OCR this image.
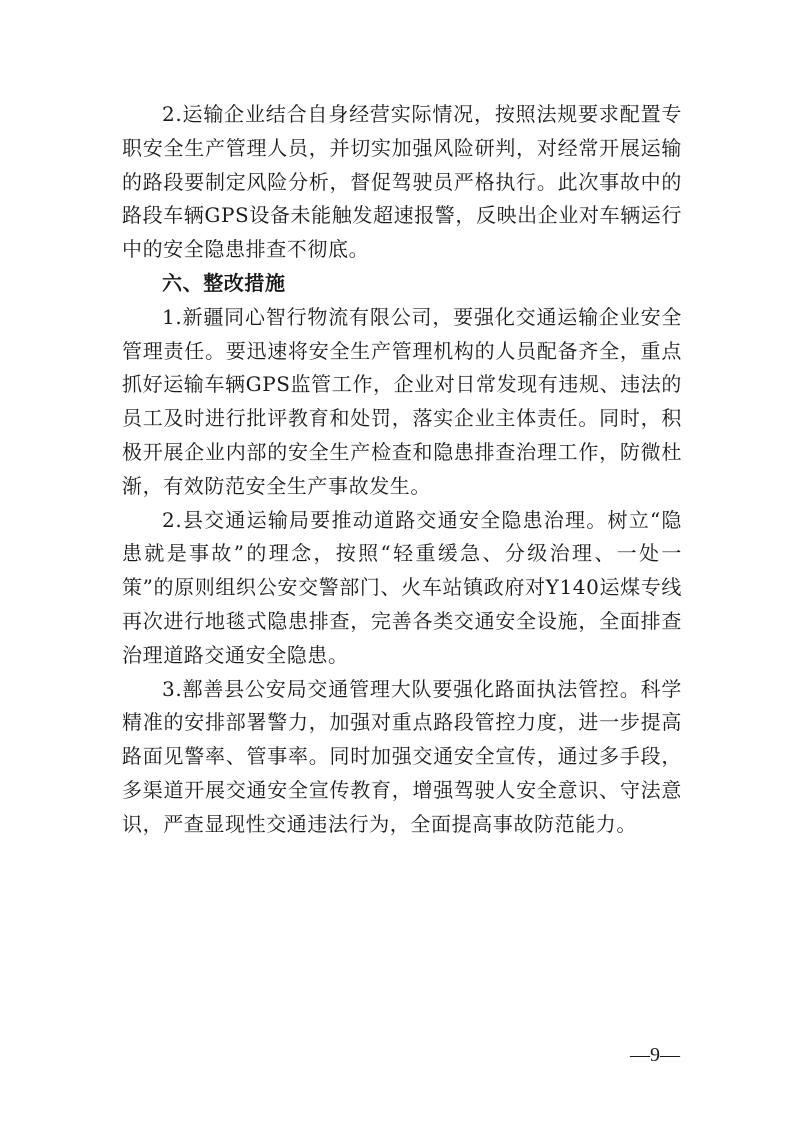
2.运输企业结合自身经营实际情况，按照法规要求配置专职安全生产管理人员，并切实加强风险研判，对经常开展运输的路段要制定风险分析，督促驾驶员严格执行。此次事故中的路段车辆GPS设备未能触发超速报警，反映出企业对车辆运行中的安全隐患排查不彻底。

六、整改措施

1.新疆同心智行物流有限公司，要强化交通运输企业安全管理责任。要迅速将安全生产管理机构的人员配备齐全，重点抓好运输车辆GPS监管工作，企业对日常发现有违规、违法的员工及时进行批评教育和处罚，落实企业主体责任。同时，积极开展企业内部的安全生产检查和隐患排查治理工作，防微杜渐，有效防范安全生产事故发生。

2.县交通运输局要推动道路交通安全隐患治理。树立“隐患就是事故”的理念，按照“轻重缓急、分级治理、一处一策”的原则组织公安交警部门、火车站镇政府对Y140运煤专线再次进行地毯式隐患排查，完善各类交通安全设施，全面排查治理道路交通安全隐患。

3.鄯善县公安局交通管理大队要强化路面执法管控。科学精准的安排部署警力，加强对重点路段管控力度，进一步提高路面见警率、管事率。同时加强交通安全宣传，通过多手段，多渠道开展交通安全宣传教育，增强驾驶人安全意识、守法意识，严查显现性交通违法行为，全面提高事故防范能力。

—9—
